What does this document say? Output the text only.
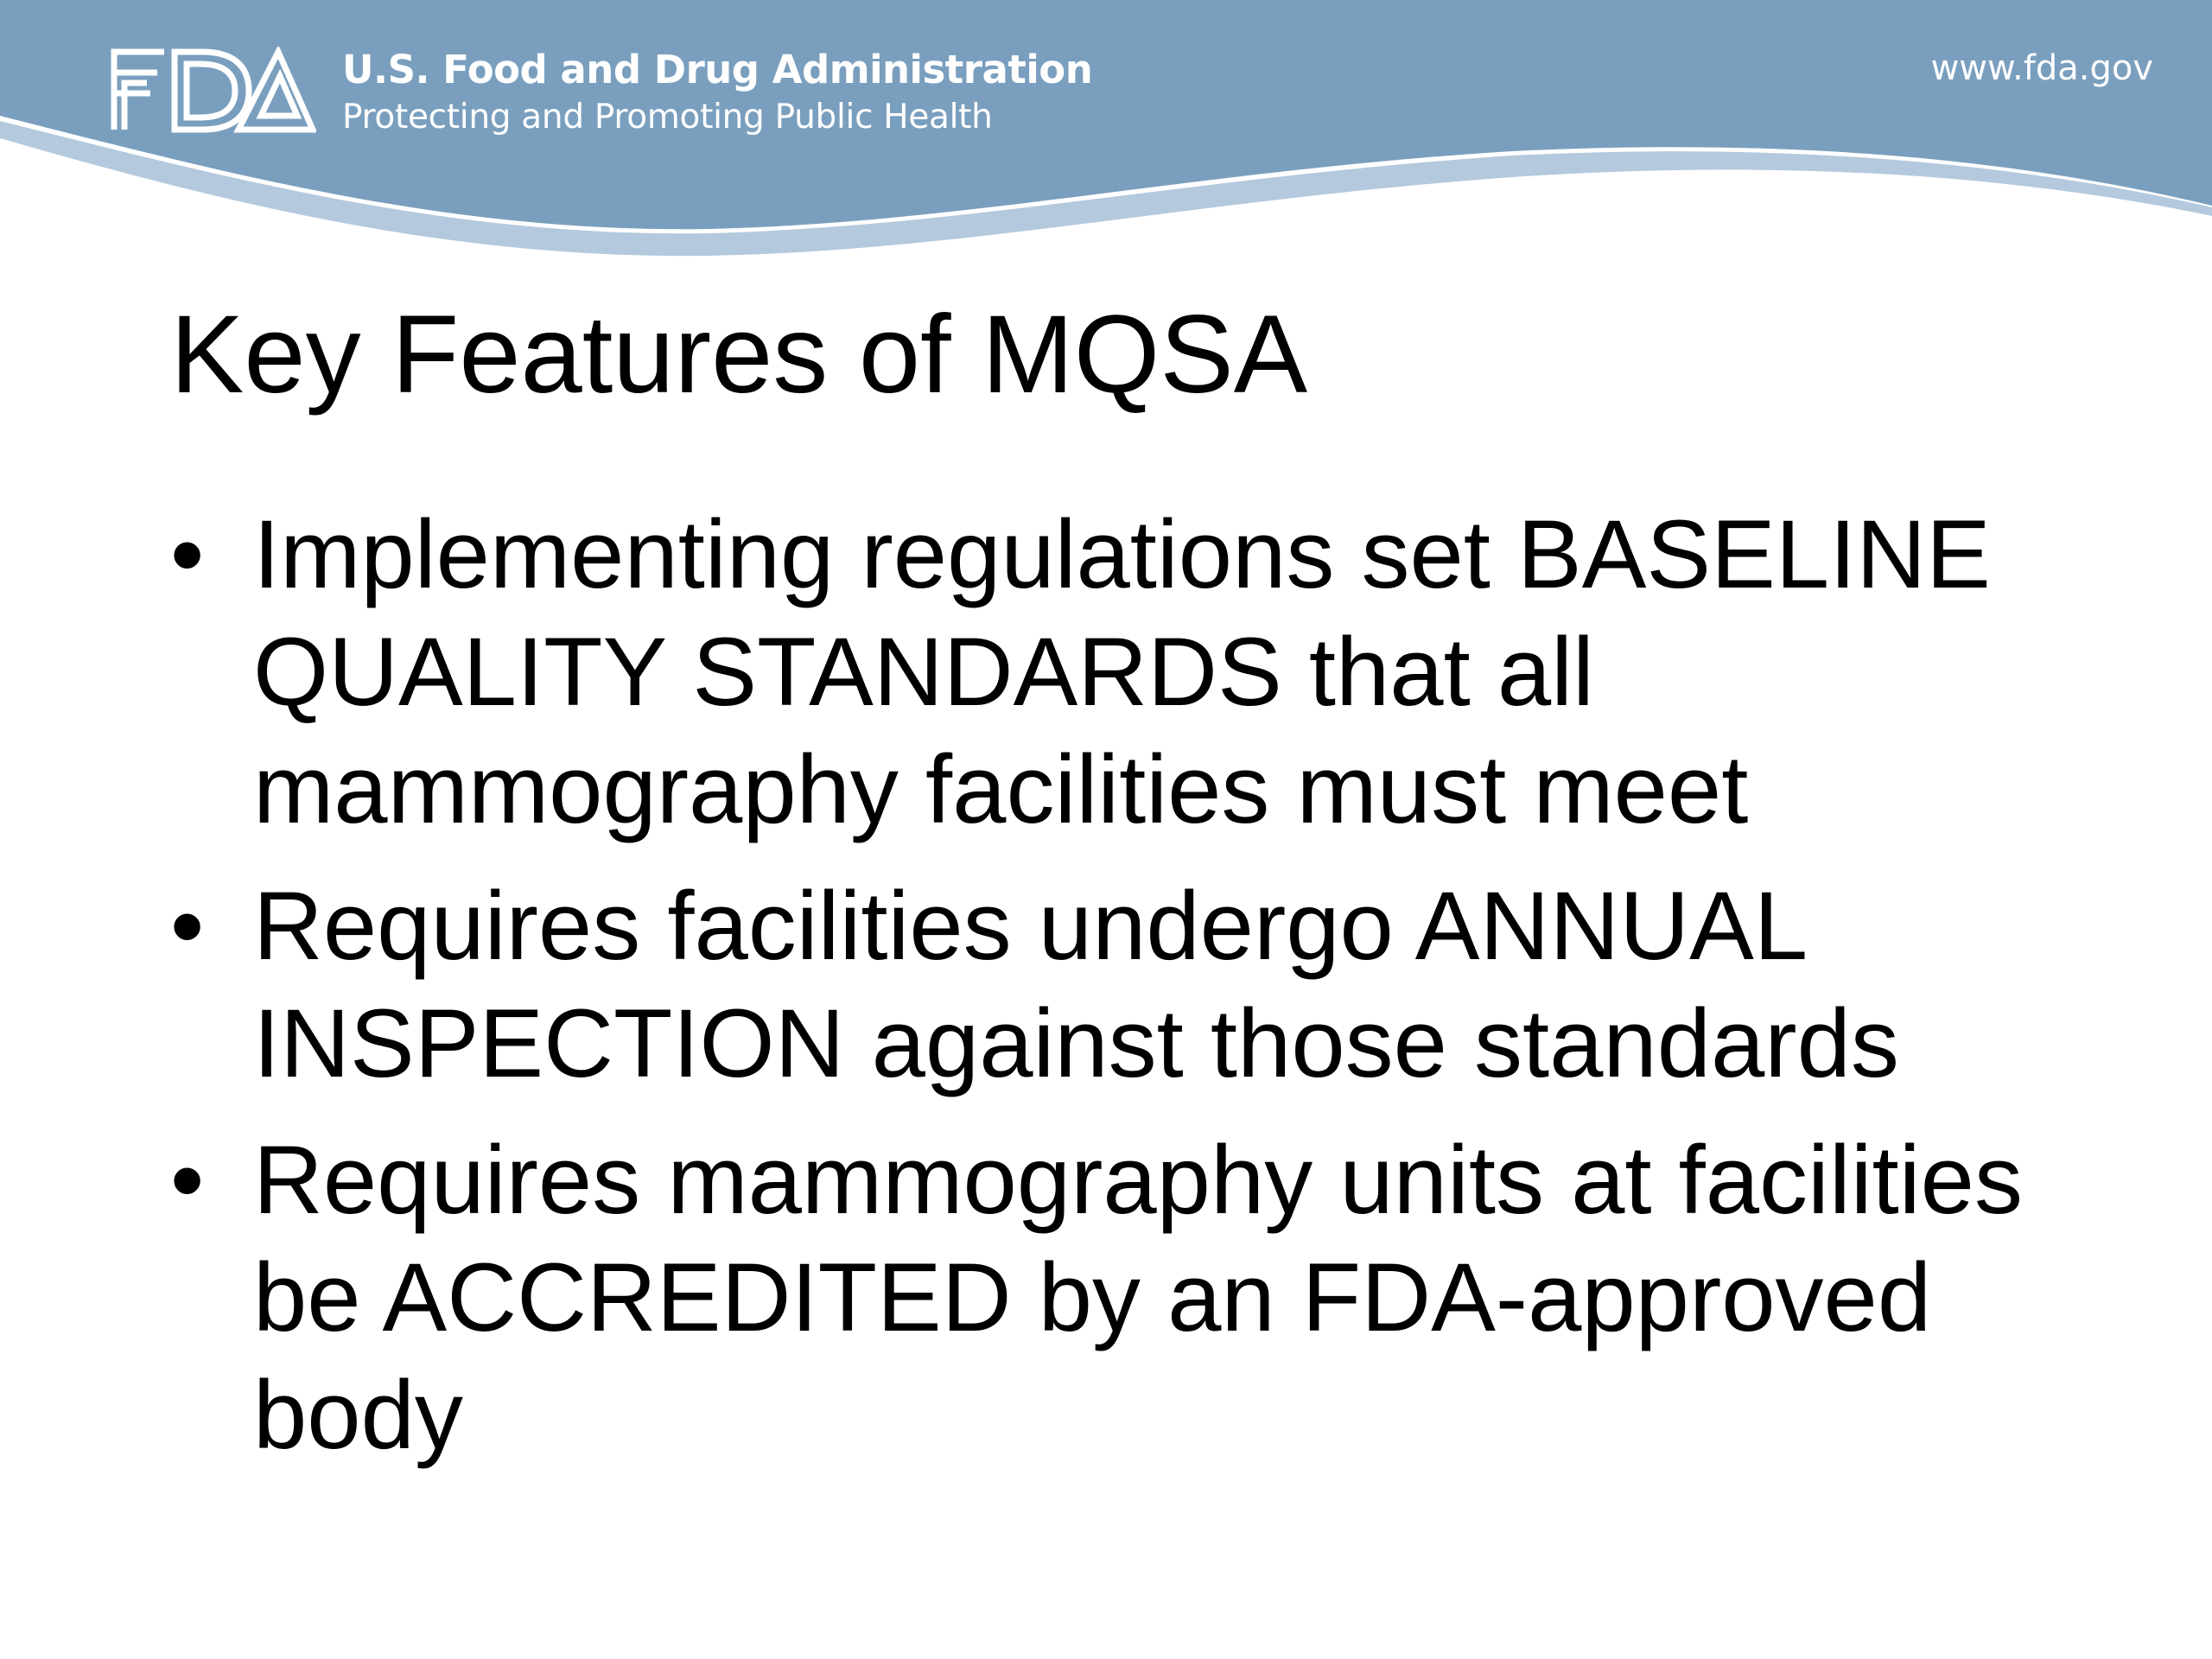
U.S. Food and Drug Administration
Protecting and Promoting Public Health
www.fda.gov
Key Features of MQSA
• Implementing regulations set BASELINE QUALITY STANDARDS that all mammography facilities must meet
• Requires facilities undergo ANNUAL INSPECTION against those standards
• Requires mammography units at facilities be ACCREDITED by an FDA-approved body
